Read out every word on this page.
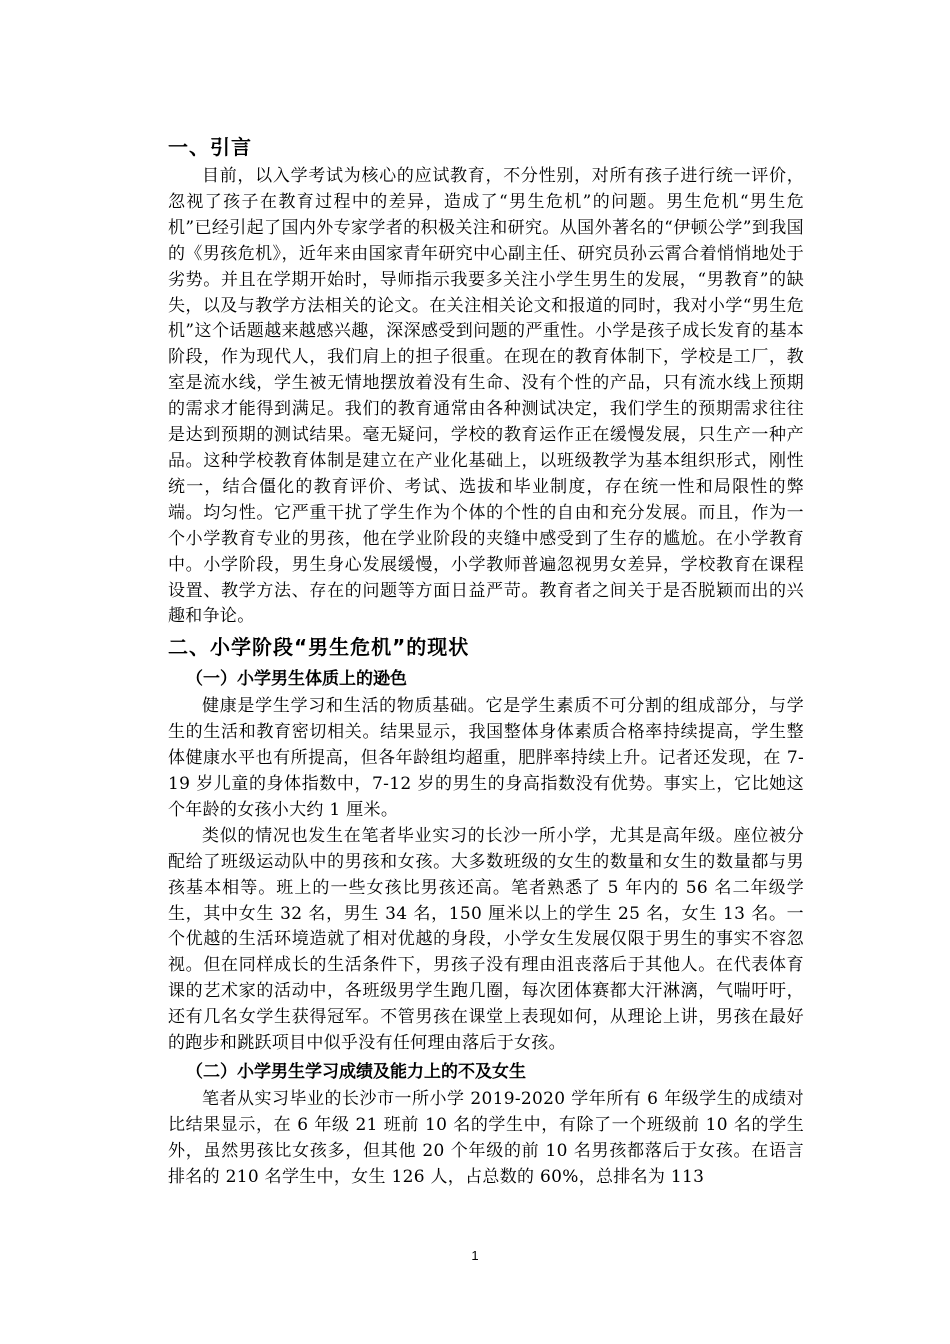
一、引言

目前，以入学考试为核心的应试教育，不分性别，对所有孩子进行统一评价，忽视了孩子在教育过程中的差异，造成了“男生危机”的问题。男生危机“男生危机”已经引起了国内外专家学者的积极关注和研究。从国外著名的“伊顿公学”到我国的《男孩危机》，近年来由国家青年研究中心副主任、研究员孙云霄合着悄悄地处于劣势。并且在学期开始时，导师指示我要多关注小学生男生的发展，“男教育”的缺失，以及与教学方法相关的论文。在关注相关论文和报道的同时，我对小学“男生危机”这个话题越来越感兴趣，深深感受到问题的严重性。小学是孩子成长发育的基本阶段，作为现代人，我们肩上的担子很重。在现在的教育体制下，学校是工厂，教室是流水线，学生被无情地摆放着没有生命、没有个性的产品，只有流水线上预期的需求才能得到满足。我们的教育通常由各种测试决定，我们学生的预期需求往往是达到预期的测试结果。毫无疑问，学校的教育运作正在缓慢发展，只生产一种产品。这种学校教育体制是建立在产业化基础上，以班级教学为基本组织形式，刚性统一，结合僵化的教育评价、考试、选拔和毕业制度，存在统一性和局限性的弊端。均匀性。它严重干扰了学生作为个体的个性的自由和充分发展。而且，作为一个小学教育专业的男孩，他在学业阶段的夹缝中感受到了生存的尴尬。在小学教育中。小学阶段，男生身心发展缓慢，小学教师普遍忽视男女差异，学校教育在课程设置、教学方法、存在的问题等方面日益严苛。教育者之间关于是否脱颖而出的兴趣和争论。

二、小学阶段“男生危机”的现状
（一）小学男生体质上的逊色

健康是学生学习和生活的物质基础。它是学生素质不可分割的组成部分，与学生的生活和教育密切相关。结果显示，我国整体身体素质合格率持续提高，学生整体健康水平也有所提高，但各年龄组均超重，肥胖率持续上升。记者还发现，在 7-19 岁儿童的身体指数中，7-12 岁的男生的身高指数没有优势。事实上，它比她这个年龄的女孩小大约 1 厘米。

类似的情况也发生在笔者毕业实习的长沙一所小学，尤其是高年级。座位被分配给了班级运动队中的男孩和女孩。大多数班级的女生的数量和女生的数量都与男孩基本相等。班上的一些女孩比男孩还高。笔者熟悉了 5 年内的 56 名二年级学生，其中女生 32 名，男生 34 名，150 厘米以上的学生 25 名，女生 13 名。一个优越的生活环境造就了相对优越的身段，小学女生发展仅限于男生的事实不容忽视。但在同样成长的生活条件下，男孩子没有理由沮丧落后于其他人。在代表体育课的艺术家的活动中，各班级男学生跑几圈，每次团体赛都大汗淋漓，气喘吁吁，还有几名女学生获得冠军。不管男孩在课堂上表现如何，从理论上讲，男孩在最好的跑步和跳跃项目中似乎没有任何理由落后于女孩。

（二）小学男生学习成绩及能力上的不及女生

笔者从实习毕业的长沙市一所小学 2019-2020 学年所有 6 年级学生的成绩对比结果显示，在 6 年级 21 班前 10 名的学生中，有除了一个班级前 10 名的学生外，虽然男孩比女孩多，但其他 20 个年级的前 10 名男孩都落后于女孩。在语言排名的 210 名学生中，女生 126 人，占总数的 60%，总排名为 113

1
